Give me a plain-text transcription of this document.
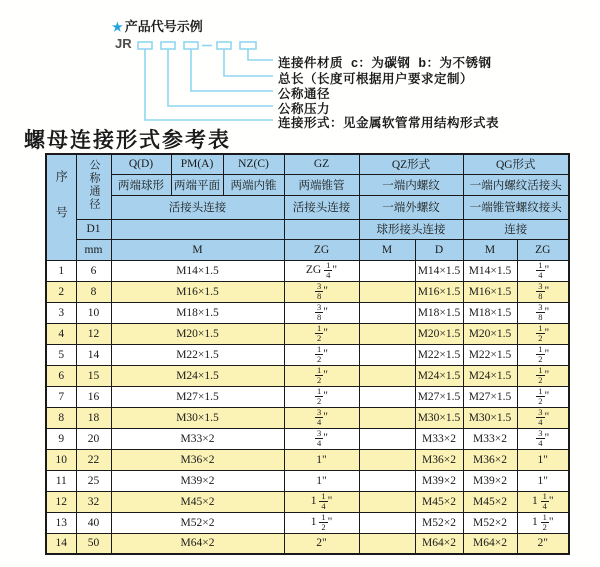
★ 产品代号示例
JR
连接件材质  c：为碳钢  b：为不锈钢
总长（长度可根据用户要求定制）
公称通径
公称压力
连接形式：见金属软管常用结构形式表
螺母连接形式参考表
序号	公称通径	Q(D)	PM(A)	NZ(C)	GZ	QZ形式		QG形式	
		两端球形	两端平面	两端内锥	两端锥管	一端内螺纹		一端内螺纹活接头	
		活接头连接			活接头连接	一端外螺纹		一端锥管螺纹接头	
	D1					球形接头连接		连接	
	mm	M			ZG	M	D	M	ZG
1	6	M14×1.5			ZG $\frac{1}{4}$ "		M14×1.5	M14×1.5	$\frac{1}{4}$ "
2	8	M16×1.5			$\frac{3}{8}$ "		M16×1.5	M16×1.5	$\frac{3}{8}$ "
3	10	M18×1.5			$\frac{3}{8}$ "		M18×1.5	M18×1.5	$\frac{3}{8}$ "
4	12	M20×1.5			$\frac{1}{2}$ "		M20×1.5	M20×1.5	$\frac{1}{2}$ "
5	14	M22×1.5			$\frac{1}{2}$ "		M22×1.5	M22×1.5	$\frac{1}{2}$ "
6	15	M24×1.5			$\frac{1}{2}$ "		M24×1.5	M24×1.5	$\frac{1}{2}$ "
7	16	M27×1.5			$\frac{1}{2}$ "		M27×1.5	M27×1.5	$\frac{1}{2}$ "
8	18	M30×1.5			$\frac{3}{4}$ "		M30×1.5	M30×1.5	$\frac{3}{4}$ "
9	20	M33×2			$\frac{3}{4}$ "		M33×2	M33×2	$\frac{3}{4}$ "
10	22	M36×2			1"		M36×2	M36×2	1"
11	25	M39×2			1"		M39×2	M39×2	1"
12	32	M45×2			$1 \frac{1}{4}$ "		M45×2	M45×2	$1 \frac{1}{4}$ "
13	40	M52×2			$1 \frac{1}{2}$ "		M52×2	M52×2	$1 \frac{1}{2}$ "
14	50	M64×2			2"		M64×2	M64×2	2"
